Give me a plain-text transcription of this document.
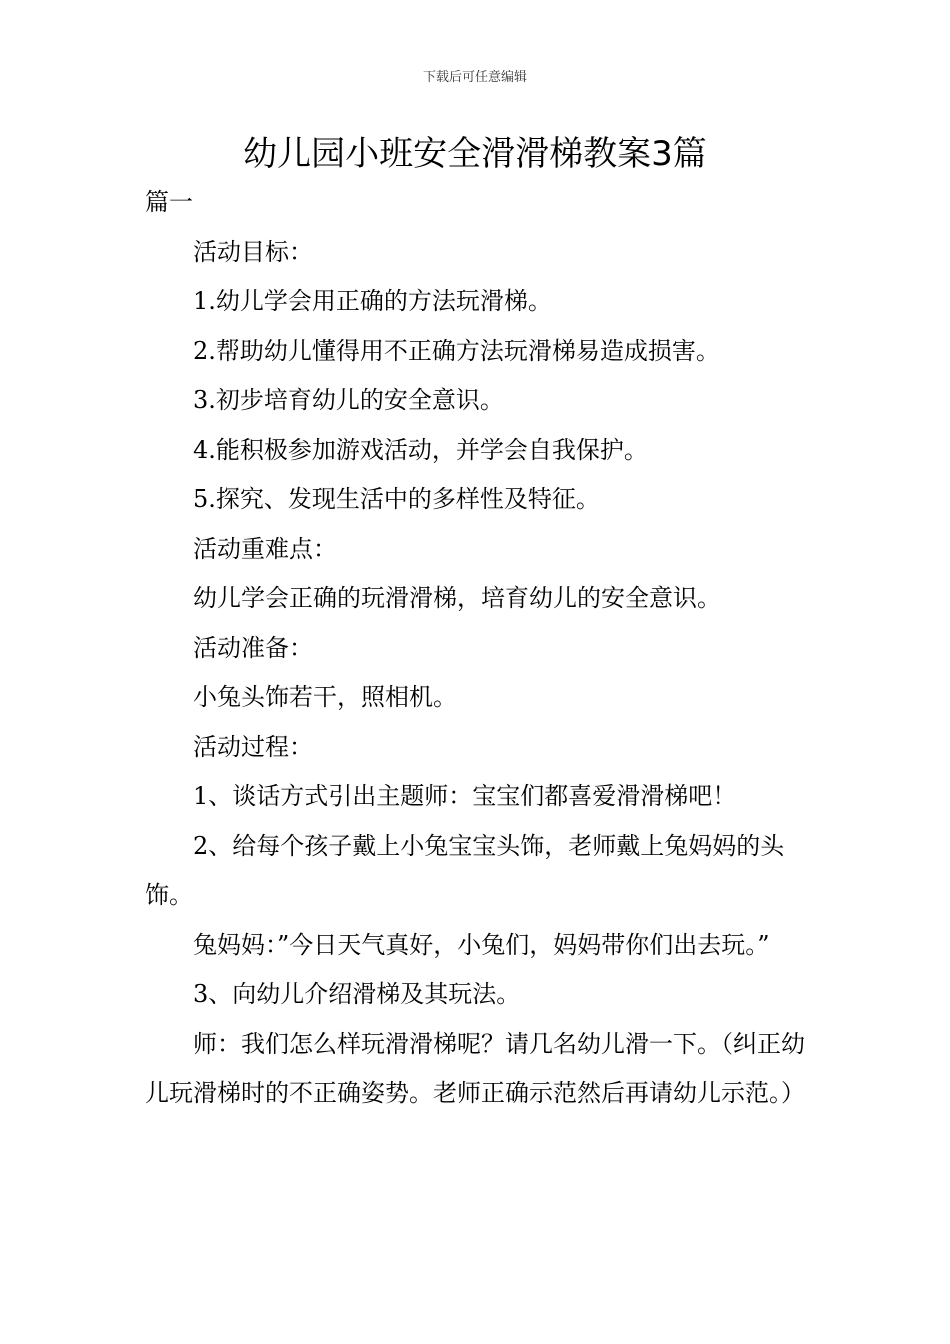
下载后可任意编辑
幼儿园小班安全滑滑梯教案3篇

篇一

活动目标：

1.幼儿学会用正确的方法玩滑梯。

2.帮助幼儿懂得用不正确方法玩滑梯易造成损害。

3.初步培育幼儿的安全意识。

4.能积极参加游戏活动，并学会自我保护。

5.探究、发现生活中的多样性及特征。

活动重难点：

幼儿学会正确的玩滑滑梯，培育幼儿的安全意识。

活动准备：

小兔头饰若干，照相机。

活动过程：

1、谈话方式引出主题师：宝宝们都喜爱滑滑梯吧！

2、给每个孩子戴上小兔宝宝头饰，老师戴上兔妈妈的头饰。

兔妈妈：”今日天气真好，小兔们，妈妈带你们出去玩。”

3、向幼儿介绍滑梯及其玩法。

师：我们怎么样玩滑滑梯呢？请几名幼儿滑一下。（纠正幼儿玩滑梯时的不正确姿势。老师正确示范然后再请幼儿示范。）
